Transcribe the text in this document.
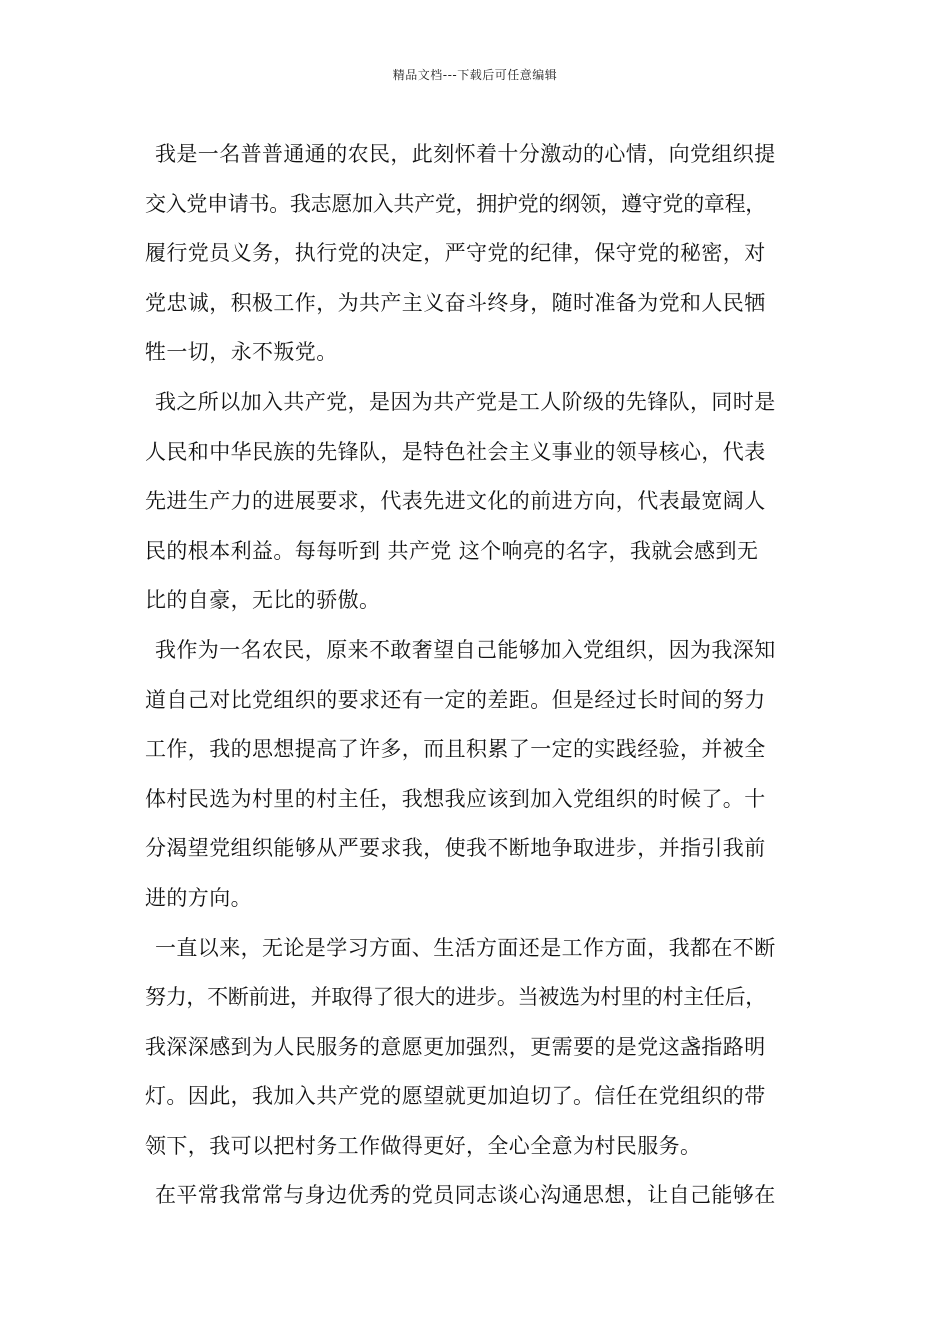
精品文档---下载后可任意编辑
我是一名普普通通的农民，此刻怀着十分激动的心情，向党组织提
交入党申请书。我志愿加入共产党，拥护党的纲领，遵守党的章程，
履行党员义务，执行党的决定，严守党的纪律，保守党的秘密，对
党忠诚，积极工作，为共产主义奋斗终身，随时准备为党和人民牺
牲一切，永不叛党。
我之所以加入共产党，是因为共产党是工人阶级的先锋队，同时是
人民和中华民族的先锋队，是特色社会主义事业的领导核心，代表
先进生产力的进展要求，代表先进文化的前进方向，代表最宽阔人
民的根本利益。每每听到 共产党 这个响亮的名字，我就会感到无
比的自豪，无比的骄傲。
我作为一名农民，原来不敢奢望自己能够加入党组织，因为我深知
道自己对比党组织的要求还有一定的差距。但是经过长时间的努力
工作，我的思想提高了许多，而且积累了一定的实践经验，并被全
体村民选为村里的村主任，我想我应该到加入党组织的时候了。十
分渴望党组织能够从严要求我，使我不断地争取进步，并指引我前
进的方向。
一直以来，无论是学习方面、生活方面还是工作方面，我都在不断
努力，不断前进，并取得了很大的进步。当被选为村里的村主任后，
我深深感到为人民服务的意愿更加强烈，更需要的是党这盏指路明
灯。因此，我加入共产党的愿望就更加迫切了。信任在党组织的带
领下，我可以把村务工作做得更好，全心全意为村民服务。
在平常我常常与身边优秀的党员同志谈心沟通思想，让自己能够在
